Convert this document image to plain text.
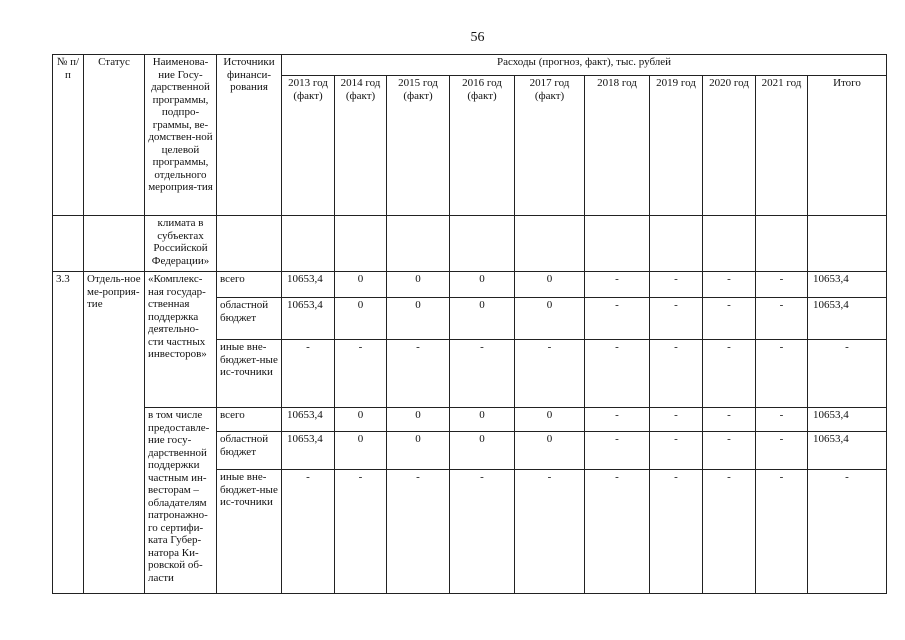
56
№ п/п	Статус	Наименова-ние Госу-дарственной программы, подпро-граммы, ве-домствен-ной целевой программы, отдельного мероприя-тия	Источники финанси-рования	Расходы (прогноз, факт), тыс. рублей									
				2013 год (факт)	2014 год (факт)	2015 год (факт)	2016 год (факт)	2017 год (факт)	2018 год	2019 год	2020 год	2021 год	Итого
		климата в субъектах Российской Федерации»											
3.3	Отдель-ное ме-роприя-тие	«Комплекс-ная государ-ственная поддержка деятельно-сти частных инвесторов»	всего	10653,4	0	0	0	0	-	-	-	-	10653,4
			областной бюджет	10653,4	0	0	0	0	-	-	-	-	10653,4
			иные вне-бюджет-ные ис-точники	-	-	-	-	-	-	-	-	-	-
		в том числе предоставле-ние госу-дарственной поддержки частным ин-весторам – обладателям патронажно-го сертифи-ката Губер-натора Ки-ровской об-ласти	всего	10653,4	0	0	0	0	-	-	-	-	10653,4
			областной бюджет	10653,4	0	0	0	0	-	-	-	-	10653,4
			иные вне-бюджет-ные ис-точники	-	-	-	-	-	-	-	-	-	-
